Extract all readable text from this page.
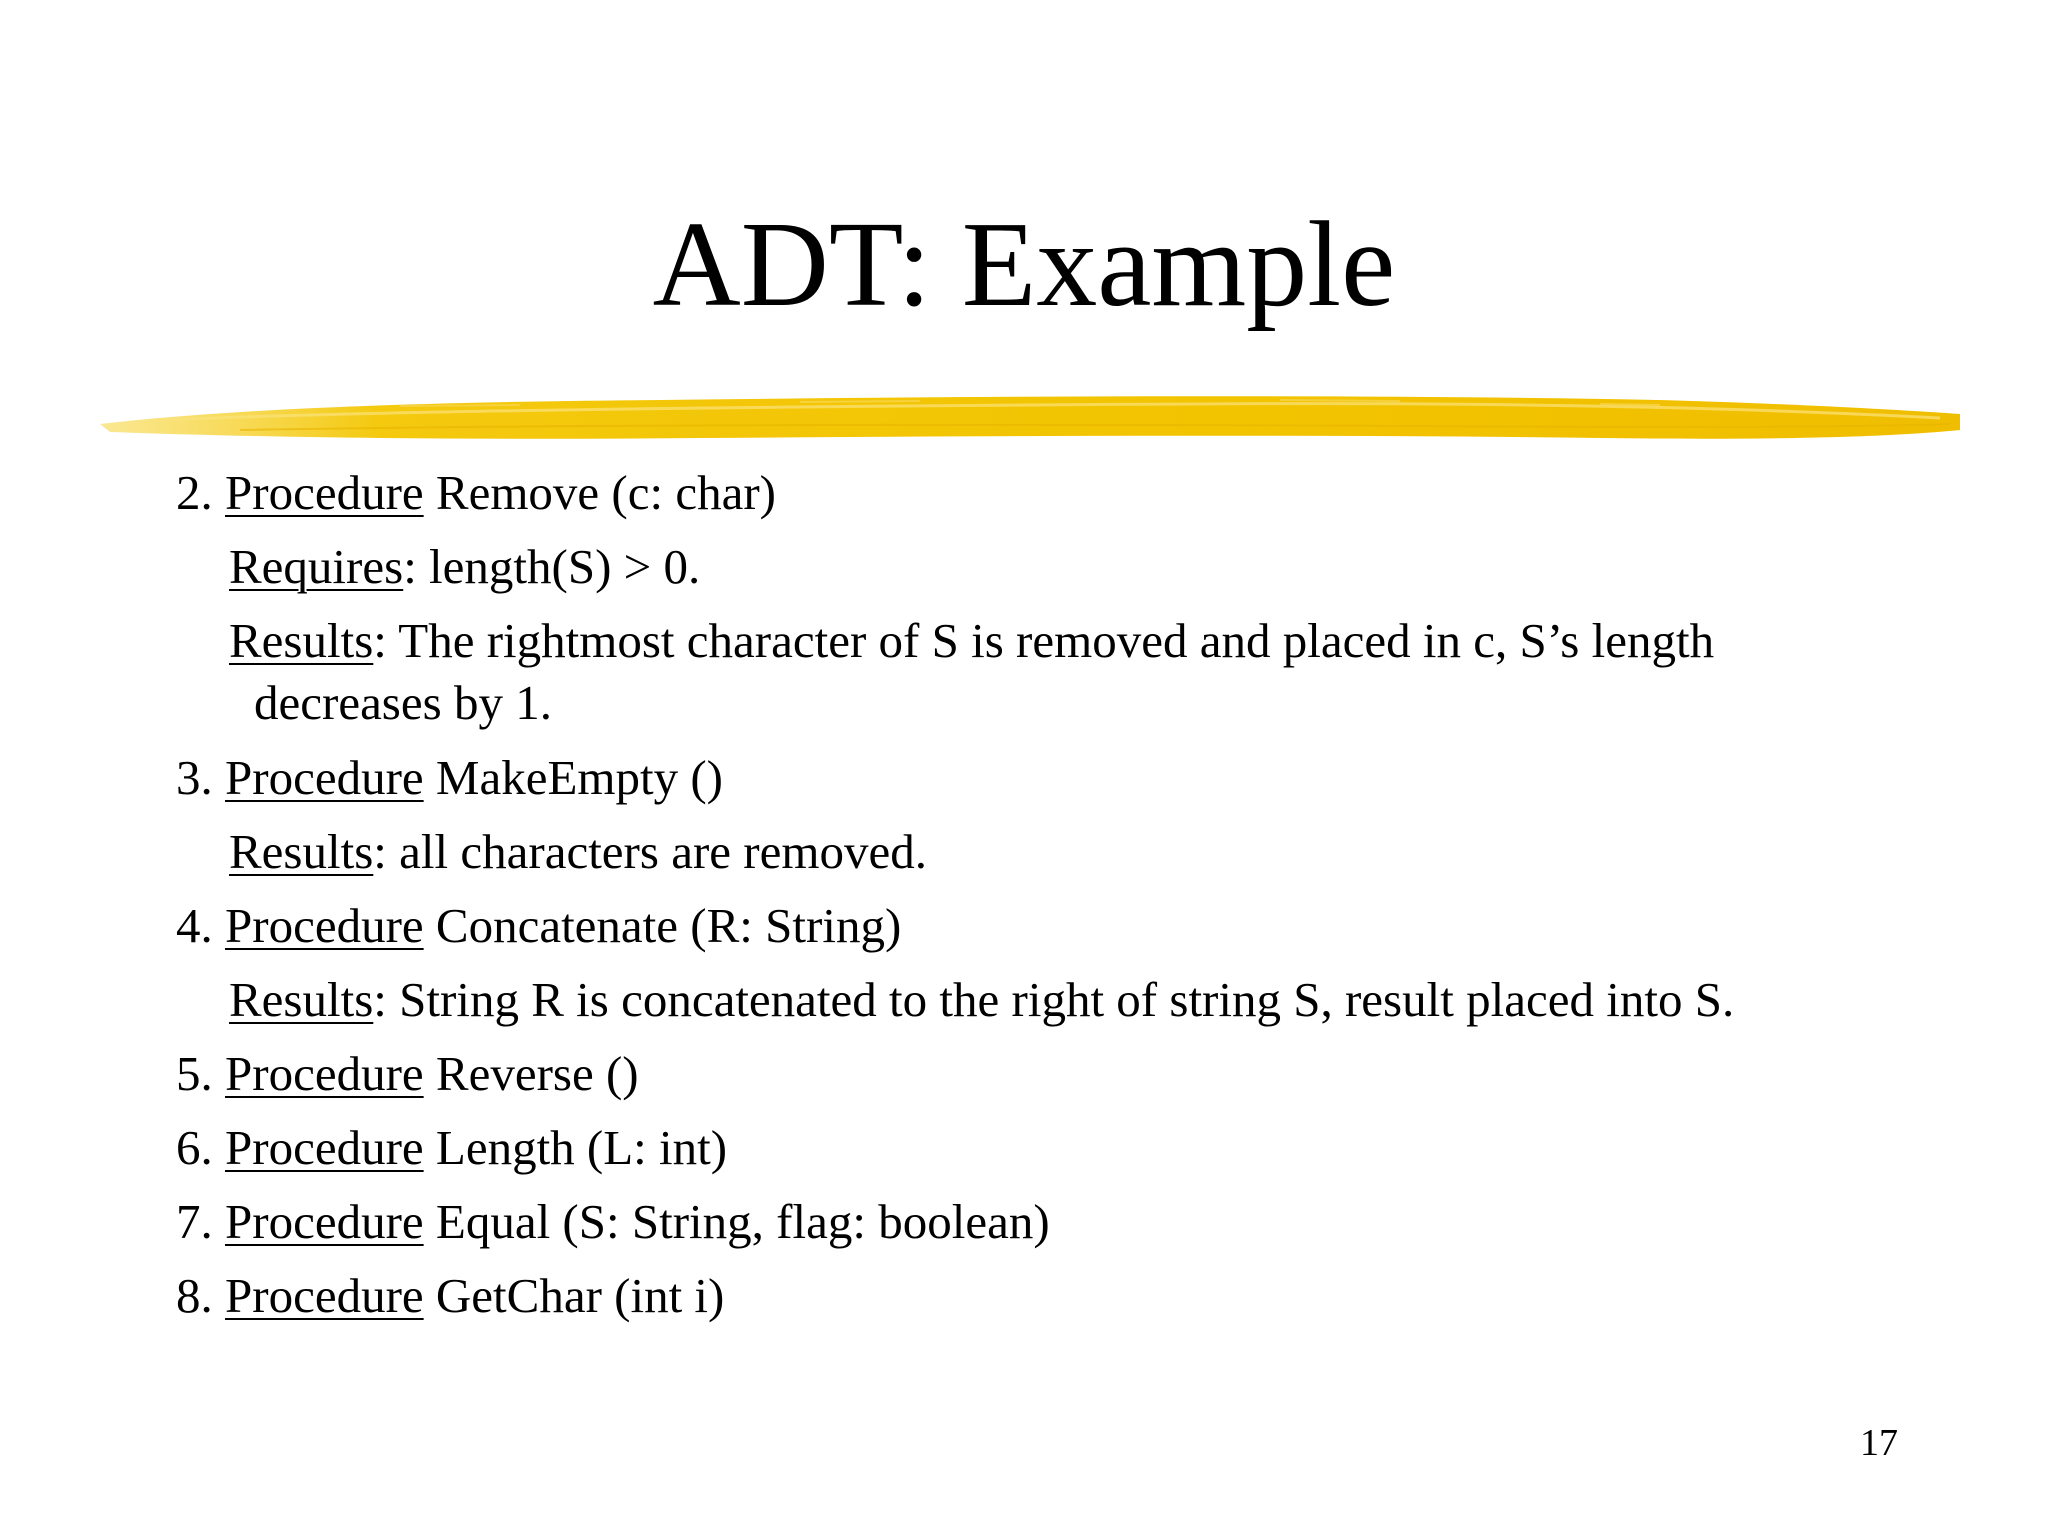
ADT: Example
2. Procedure Remove (c: char)
Requires: length(S) > 0.
Results: The rightmost character of S is removed and placed in c, S’s length
decreases by 1.
3. Procedure MakeEmpty ()
Results: all characters are removed.
4. Procedure Concatenate (R: String)
Results: String R is concatenated to the right of string S, result placed into S.
5. Procedure Reverse ()
6. Procedure Length (L: int)
7. Procedure Equal (S: String, flag: boolean)
8. Procedure GetChar (int i)
17
